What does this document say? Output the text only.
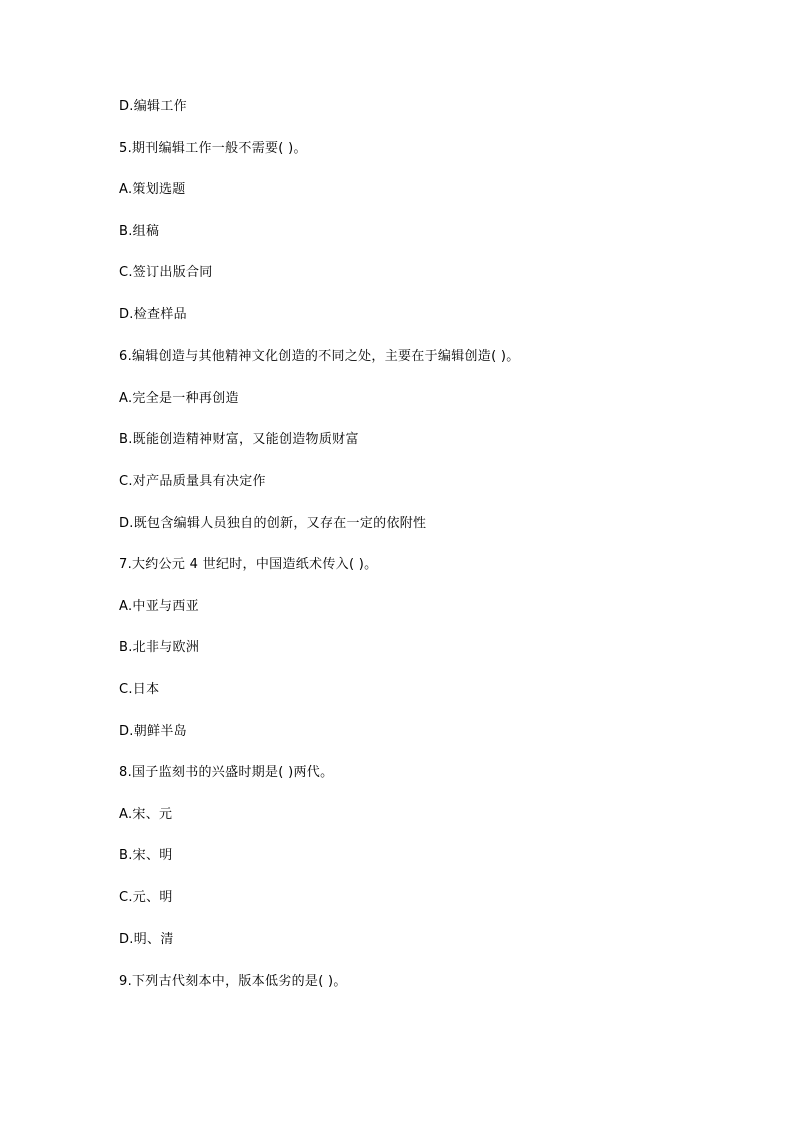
D.编辑工作
5.期刊编辑工作一般不需要( )。
A.策划选题
B.组稿
C.签订出版合同
D.检查样品
6.编辑创造与其他精神文化创造的不同之处，主要在于编辑创造( )。
A.完全是一种再创造
B.既能创造精神财富，又能创造物质财富
C.对产品质量具有决定作
D.既包含编辑人员独自的创新，又存在一定的依附性
7.大约公元 4 世纪时，中国造纸术传入( )。
A.中亚与西亚
B.北非与欧洲
C.日本
D.朝鲜半岛
8.国子监刻书的兴盛时期是( )两代。
A.宋、元
B.宋、明
C.元、明
D.明、清
9.下列古代刻本中，版本低劣的是( )。
